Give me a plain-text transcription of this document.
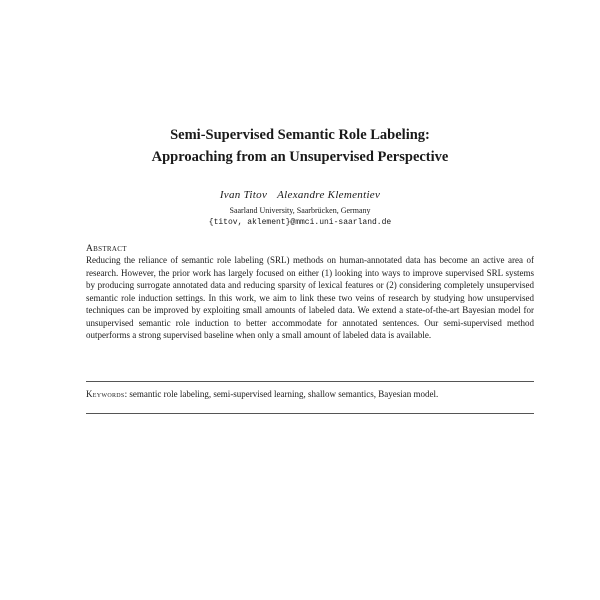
Semi-Supervised Semantic Role Labeling:
Approaching from an Unsupervised Perspective
Ivan Titov Alexandre Klementiev
Saarland University, Saarbrücken, Germany
{titov, aklement}@mmci.uni-saarland.de
Abstract
Reducing the reliance of semantic role labeling (SRL) methods on human-annotated data has become an active area of research. However, the prior work has largely focused on either (1) looking into ways to improve supervised SRL systems by producing surrogate annotated data and reducing sparsity of lexical features or (2) considering completely unsupervised semantic role induction settings. In this work, we aim to link these two veins of research by studying how unsupervised techniques can be improved by exploiting small amounts of labeled data. We extend a state-of-the-art Bayesian model for unsupervised semantic role induction to better accommodate for annotated sentences. Our semi-supervised method outperforms a strong supervised baseline when only a small amount of labeled data is available.
Keywords: semantic role labeling, semi-supervised learning, shallow semantics, Bayesian model.
